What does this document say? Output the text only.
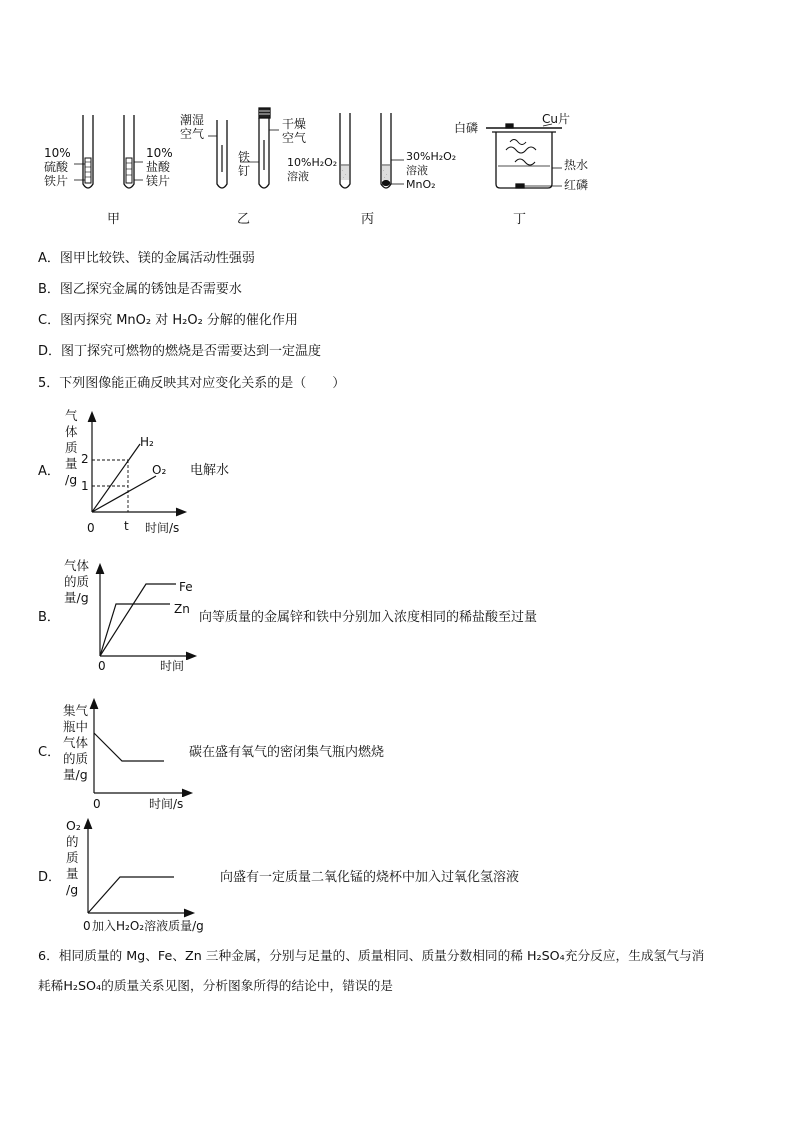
·
·
·
·
·
·
10%
硫酸
铁片
10%
盐酸
镁片
甲
潮湿
空气
铁
钉
干燥
空气
乙
10%H₂O₂
溶液
30%H₂O₂
溶液
MnO₂
丙
白磷
Cu片
热水
红磷
丁
A．图甲比较铁、镁的金属活动性强弱
B．图乙探究金属的锈蚀是否需要水
C．图丙探究 MnO₂ 对 H₂O₂ 分解的催化作用
D．图丁探究可燃物的燃烧是否需要达到一定温度
5．下列图像能正确反映其对应变化关系的是（　　）
A．
气
体
质
量
/g
2
1
H₂
O₂
0 t 时间/s
电解水
B．
气体
的质
量/g
Fe
Zn
0	时间
向等质量的金属锌和铁中分别加入浓度相同的稀盐酸至过量
C．
集气
瓶中
气体
的质
量/g
0	时间/s
碳在盛有氧气的密闭集气瓶内燃烧
D．
O₂
的
质
量
/g
0 加入H₂O₂溶液质量/g
向盛有一定质量二氧化锰的烧杯中加入过氧化氢溶液
6．相同质量的 Mg、Fe、Zn 三种金属，分别与足量的、质量相同、质量分数相同的稀 H₂SO₄充分反应，生成氢气与消
耗稀H₂SO₄的质量关系见图，分析图象所得的结论中，错误的是
